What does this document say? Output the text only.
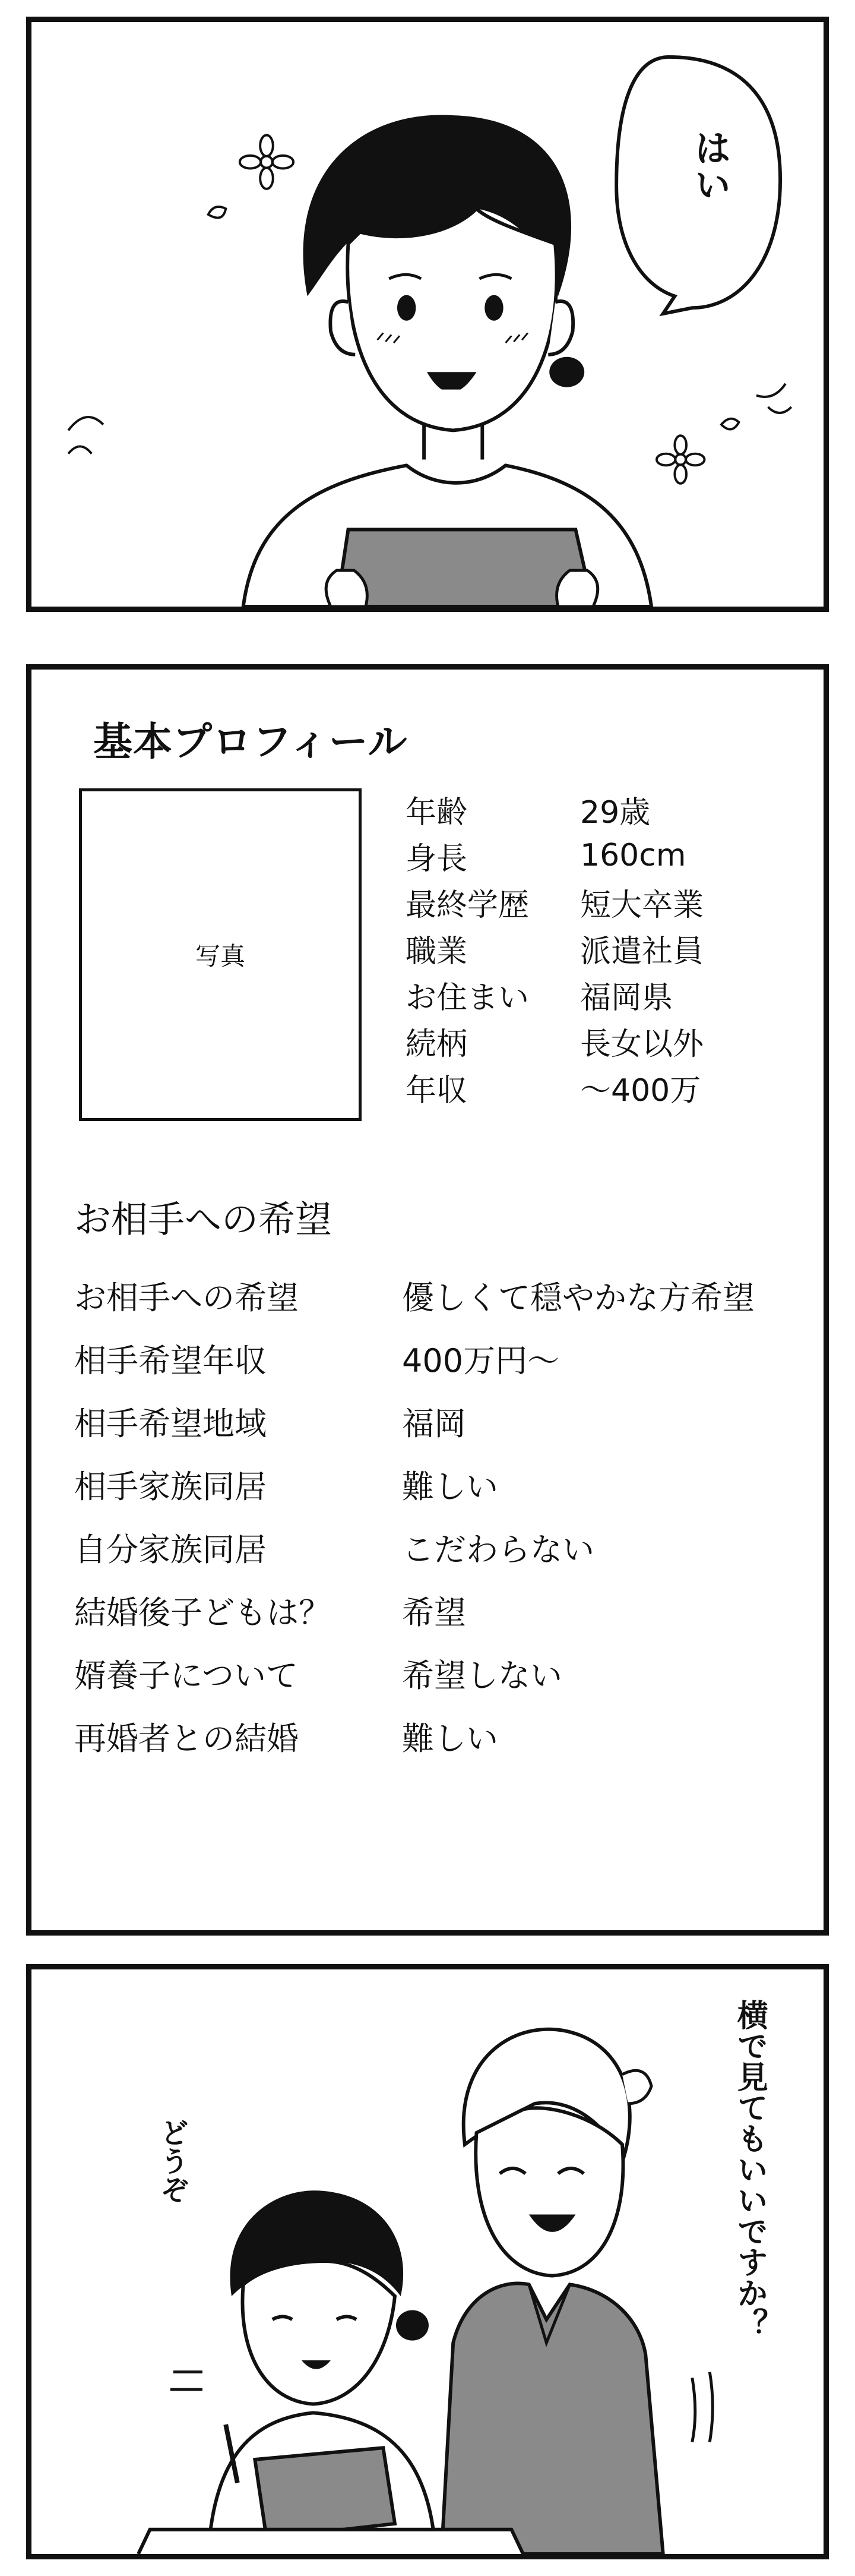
はい
基本プロフィール
写真
年齢	29歳
身長	160cm
最終学歴	短大卒業
職業	派遣社員
お住まい	福岡県
続柄	長女以外
年収	～400万
お相手への希望
お相手への希望	優しくて穏やかな方希望
相手希望年収	400万円～
相手希望地域	福岡
相手家族同居	難しい
自分家族同居	こだわらない
結婚後子どもは？	希望
婿養子について	希望しない
再婚者との結婚	難しい
横で見てもいいですか？
どうぞ
